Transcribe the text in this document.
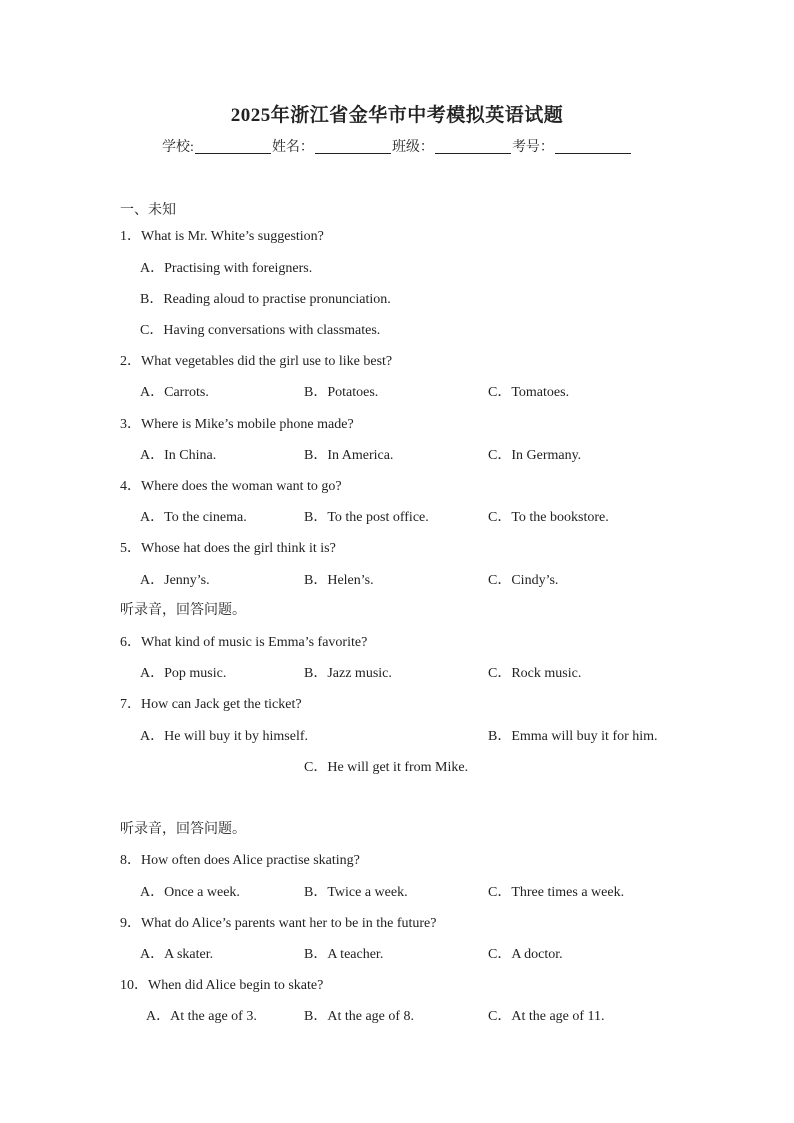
2025年浙江省金华市中考模拟英语试题
学校:	姓名：	班级：	考号：
一、未知
1．What is Mr. White’s suggestion?
A．Practising with foreigners.
B．Reading aloud to practise pronunciation.
C．Having conversations with classmates.
2．What vegetables did the girl use to like best?
A．Carrots.	B．Potatoes.	C．Tomatoes.
3．Where is Mike’s mobile phone made?
A．In China.	B．In America.	C．In Germany.
4．Where does the woman want to go?
A．To the cinema.	B．To the post office.	C．To the bookstore.
5．Whose hat does the girl think it is?
A．Jenny’s.	B．Helen’s.	C．Cindy’s.
听录音，回答问题。
6．What kind of music is Emma’s favorite?
A．Pop music.	B．Jazz music.	C．Rock music.
7．How can Jack get the ticket?
A．He will buy it by himself.	B．Emma will buy it for him.
C．He will get it from Mike.
听录音，回答问题。
8．How often does Alice practise skating?
A．Once a week.	B．Twice a week.	C．Three times a week.
9．What do Alice’s parents want her to be in the future?
A．A skater.	B．A teacher.	C．A doctor.
10．When did Alice begin to skate?
A．At the age of 3.	B．At the age of 8.	C．At the age of 11.
